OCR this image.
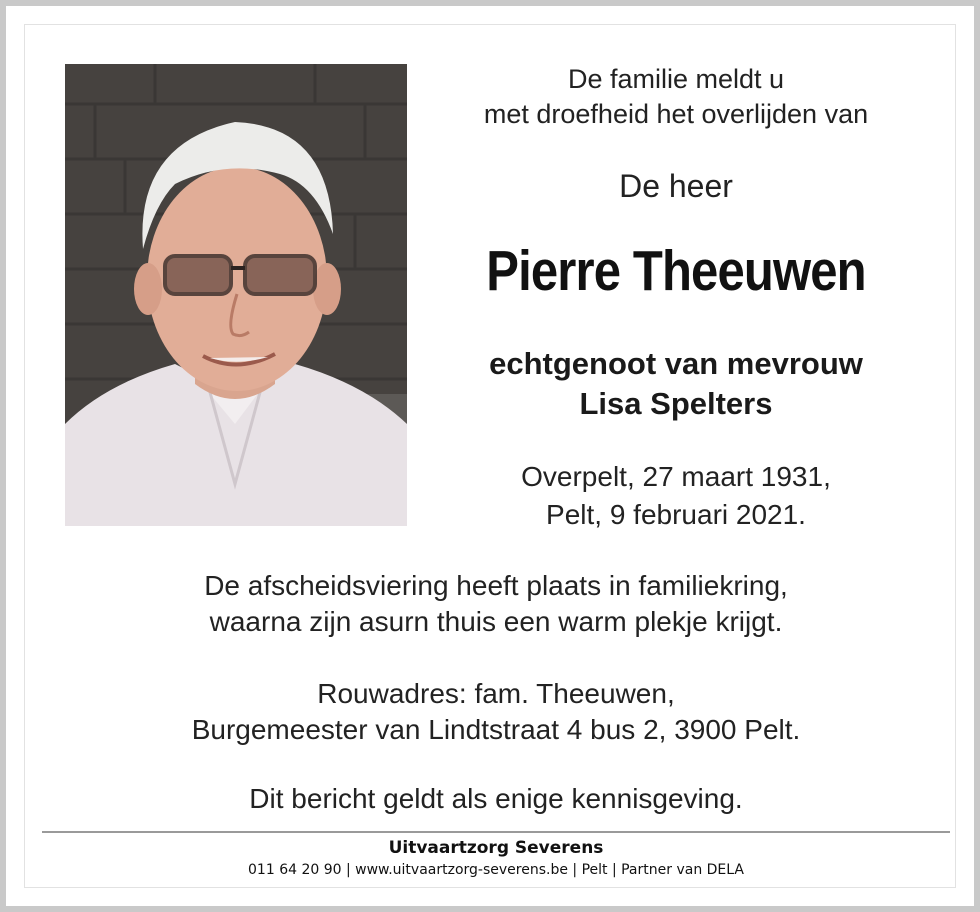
De familie meldt u
met droefheid het overlijden van
De heer
Pierre Theeuwen
echtgenoot van mevrouw
Lisa Spelters
Overpelt, 27 maart 1931,
Pelt, 9 februari 2021.
De afscheidsviering heeft plaats in familiekring,
waarna zijn asurn thuis een warm plekje krijgt.
Rouwadres: fam. Theeuwen,
Burgemeester van Lindtstraat 4 bus 2, 3900 Pelt.
Dit bericht geldt als enige kennisgeving.
Uitvaartzorg Severens
011 64 20 90 | www.uitvaartzorg-severens.be | Pelt | Partner van DELA
